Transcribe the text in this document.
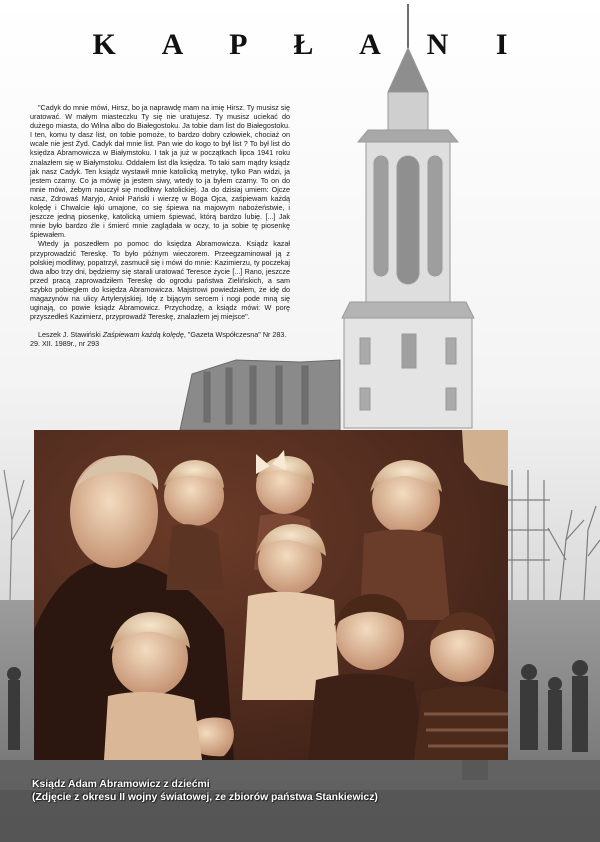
K A P Ł A N I

"Cadyk do mnie mówi, Hirsz, bo ja naprawdę mam na imię Hirsz. Ty musisz się uratować. W małym miasteczku Ty się nie uratujesz. Ty musisz uciekać do dużego miasta, do Wilna albo do Białegostoku. Ja tobie dam list do Białegostoku. I ten, komu ty dasz list, on tobie pomoże, to bardzo dobry człowiek, chociaż on wcale nie jest Żyd. Cadyk dał mnie list. Pan wie do kogo to był list ? To był list do księdza Abramowicza w Białymstoku. I tak ja już w początkach lipca 1941 roku znalazłem się w Białymstoku. Oddałem list dla księdza. To taki sam mądry ksiądz jak nasz Cadyk. Ten ksiądz wystawił mnie katolicką metrykę, tylko Pan widzi, ja jestem czarny. Co ja mówię ja jestem siwy, wtedy to ja byłem czarny. To on do mnie mówi, żebym nauczył się modlitwy katolickiej. Ja do dzisiaj umiem: Ojcze nasz, Zdrowaś Maryjo, Anioł Pański i wierzę w Boga Ojca, zaśpiewam każdą kolędę i Chwalcie łąki umajone, co się śpiewa na majowym nabożeństwie, i jeszcze jedną piosenkę, katolicką umiem śpiewać, którą bardzo lubię. [...] Jak mnie było bardzo źle i śmierć mnie zaglądała w oczy, to ja sobie tę piosenkę śpiewałem.

Wtedy ja poszedłem po pomoc do księdza Abramowicza. Ksiądz kazał przyprowadzić Tereskę. To było późnym wieczorem. Przeegzaminował ją z polskiej modlitwy, popatrzył, zasmucił się i mówi do mnie: Kazimierzu, ty poczekaj dwa albo trzy dni, będziemy się starali uratować Teresce życie [...] Rano, jeszcze przed pracą zaprowadziłem Tereskę do ogrodu państwa Zielińskich, a sam szybko pobiegłem do księdza Abramowicza. Majstrowi powiedziałem, że idę do magazynów na ulicy Artyleryjskiej. Idę z bijącym sercem i nogi pode mną się uginają, co powie ksiądz Abramowicz. Przychodzę, a ksiądz mówi: W porę przyszedłeś Kazimierz, przyprowadź Tereskę, znalazłem jej miejsce".

Leszek J. Stawiński Zaśpiewam każdą kolędę, "Gazeta Współczesna" Nr 283. 29. XII. 1989r., nr 293

Ksiądz Adam Abramowicz z dziećmi
(Zdjęcie z okresu II wojny światowej, ze zbiorów państwa Stankiewicz)
